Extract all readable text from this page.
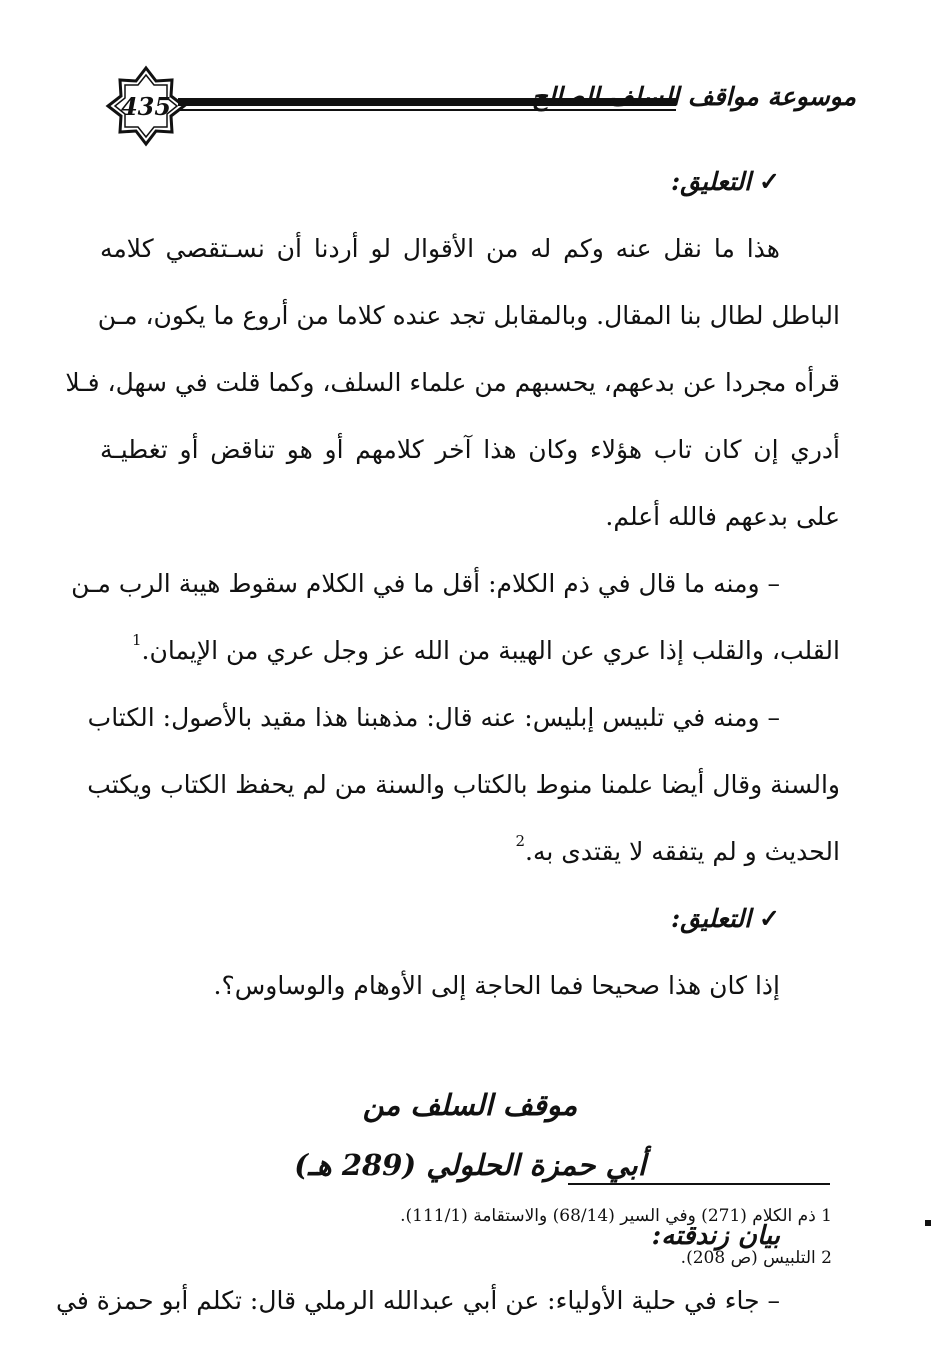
435	موسوعة مواقف السلف الصالح
✓التعليق:
هذا ما نقل عنه وكم له من الأقوال لو أردنا أن نسـتقصي كلامه
الباطل لطال بنا المقال. وبالمقابل تجد عنده كلاما من أروع ما يكون، مـن
قرأه مجردا عن بدعهم، يحسبهم من علماء السلف، وكما قلت في سهل، فـلا
أدري إن كان تاب هؤلاء وكان هذا آخر كلامهم أو هو تناقض أو تغطيـة
على بدعهم فالله أعلم.
– ومنه ما قال في ذم الكلام: أقل ما في الكلام سقوط هيبة الرب مـن
القلب، والقلب إذا عري عن الهيبة من الله عز وجل عري من الإيمان.$^1$
– ومنه في تلبيس إبليس: عنه قال: مذهبنا هذا مقيد بالأصول: الكتاب
والسنة وقال أيضا علمنا منوط بالكتاب والسنة من لم يحفظ الكتاب ويكتب
الحديث و لم يتفقه لا يقتدى به.$^2$
✓التعليق:
إذا كان هذا صحيحا فما الحاجة إلى الأوهام والوساوس؟.
موقف السلف من
أبي حمزة الحلولي (289 هـ)
بيان زندقته:
– جاء في حلية الأولياء: عن أبي عبدالله الرملي قال: تكلم أبو حمزة في
1 ذم الكلام (271) وفي السير (68/14) والاستقامة (111/1).
2 التلبيس (ص 208).
